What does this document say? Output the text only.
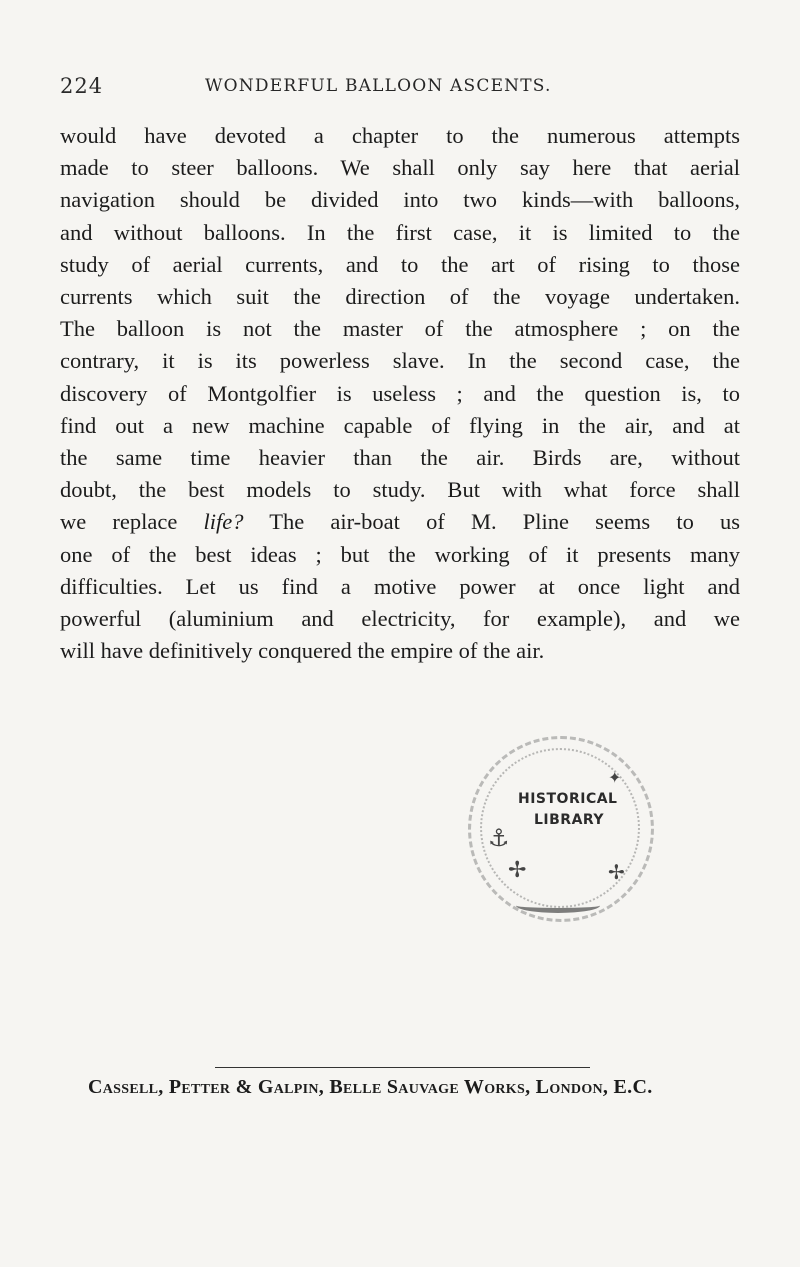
224	WONDERFUL BALLOON ASCENTS.
would have devoted a chapter to the numerous attempts
made to steer balloons. We shall only say here that aerial
navigation should be divided into two kinds—with balloons,
and without balloons. In the first case, it is limited to the
study of aerial currents, and to the art of rising to those
currents which suit the direction of the voyage undertaken.
The balloon is not the master of the atmosphere ; on the
contrary, it is its powerless slave. In the second case, the
discovery of Montgolfier is useless ; and the question is, to
find out a new machine capable of flying in the air, and at
the same time heavier than the air. Birds are, without
doubt, the best models to study. But with what force shall
we replace life? The air-boat of M. Pline seems to us
one of the best ideas ; but the working of it presents many
difficulties. Let us find a motive power at once light and
powerful (aluminium and electricity, for example), and we
will have definitively conquered the empire of the air.
✦
⚓
HISTORICAL
LIBRARY
✢	✢
Cassell, Petter & Galpin, Belle Sauvage Works, London, E.C.
